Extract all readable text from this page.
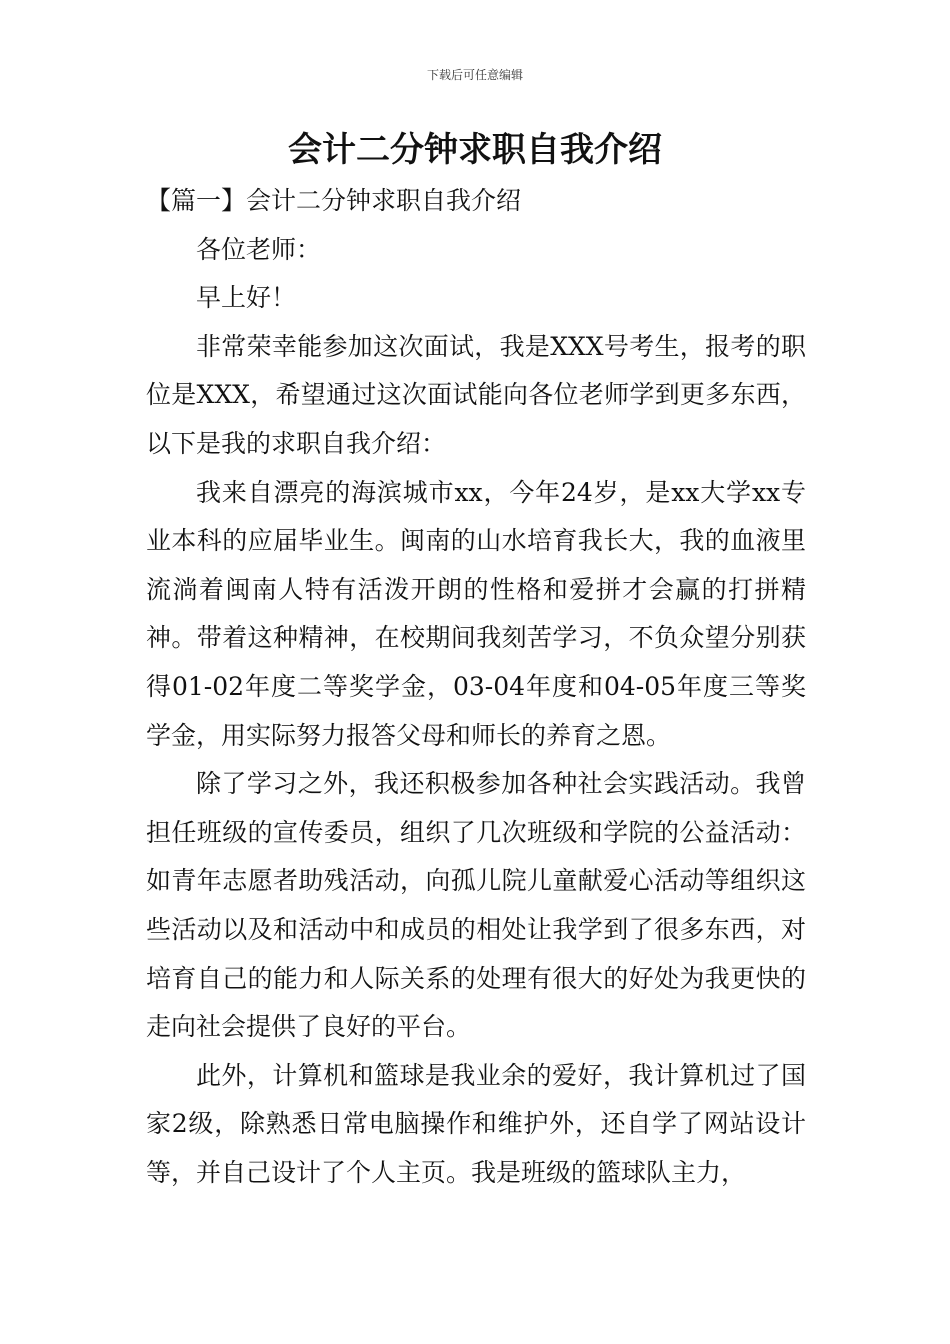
下载后可任意编辑
会计二分钟求职自我介绍

【篇一】会计二分钟求职自我介绍

各位老师：

早上好！

非常荣幸能参加这次面试，我是XXX号考生，报考的职位是XXX，希望通过这次面试能向各位老师学到更多东西，以下是我的求职自我介绍：

我来自漂亮的海滨城市xx，今年24岁，是xx大学xx专业本科的应届毕业生。闽南的山水培育我长大，我的血液里流淌着闽南人特有活泼开朗的性格和爱拼才会赢的打拼精神。带着这种精神，在校期间我刻苦学习，不负众望分别获得01-02年度二等奖学金，03-04年度和04-05年度三等奖学金，用实际努力报答父母和师长的养育之恩。

除了学习之外，我还积极参加各种社会实践活动。我曾担任班级的宣传委员，组织了几次班级和学院的公益活动：如青年志愿者助残活动，向孤儿院儿童献爱心活动等组织这些活动以及和活动中和成员的相处让我学到了很多东西，对培育自己的能力和人际关系的处理有很大的好处为我更快的走向社会提供了良好的平台。

此外，计算机和篮球是我业余的爱好，我计算机过了国家2级，除熟悉日常电脑操作和维护外，还自学了网站设计等，并自己设计了个人主页。我是班级的篮球队主力，
